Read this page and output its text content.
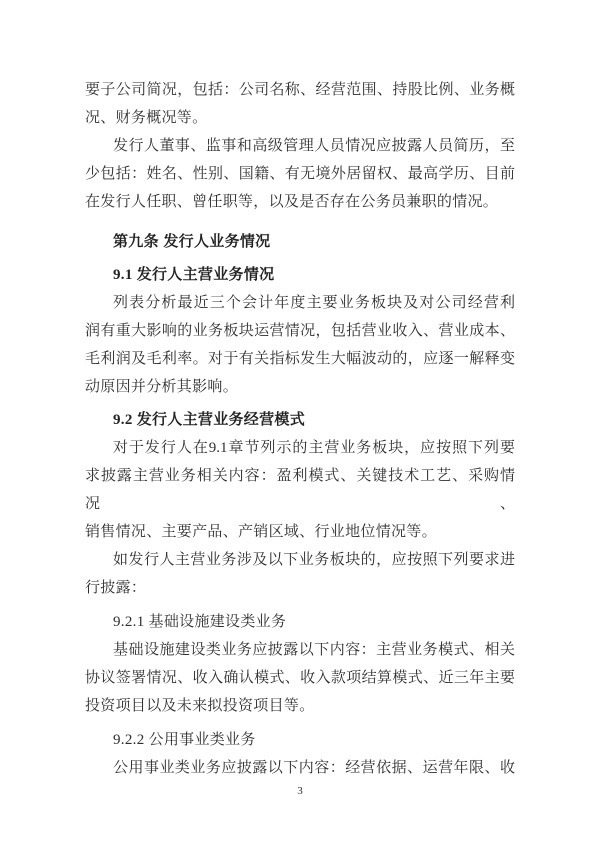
要子公司简况，包括：公司名称、经营范围、持股比例、业务概
况、财务概况等。
发行人董事、监事和高级管理人员情况应披露人员简历，至
少包括：姓名、性别、国籍、有无境外居留权、最高学历、目前
在发行人任职、曾任职等，以及是否存在公务员兼职的情况。
第九条 发行人业务情况
9.1 发行人主营业务情况
列表分析最近三个会计年度主要业务板块及对公司经营利
润有重大影响的业务板块运营情况，包括营业收入、营业成本、
毛利润及毛利率。对于有关指标发生大幅波动的，应逐一解释变
动原因并分析其影响。
9.2 发行人主营业务经营模式
对于发行人在9.1章节列示的主营业务板块，应按照下列要
求披露主营业务相关内容：盈利模式、关键技术工艺、采购情况、
销售情况、主要产品、产销区域、行业地位情况等。
如发行人主营业务涉及以下业务板块的，应按照下列要求进
行披露：
9.2.1 基础设施建设类业务
基础设施建设类业务应披露以下内容：主营业务模式、相关
协议签署情况、收入确认模式、收入款项结算模式、近三年主要
投资项目以及未来拟投资项目等。
9.2.2 公用事业类业务
公用事业类业务应披露以下内容：经营依据、运营年限、收
3
